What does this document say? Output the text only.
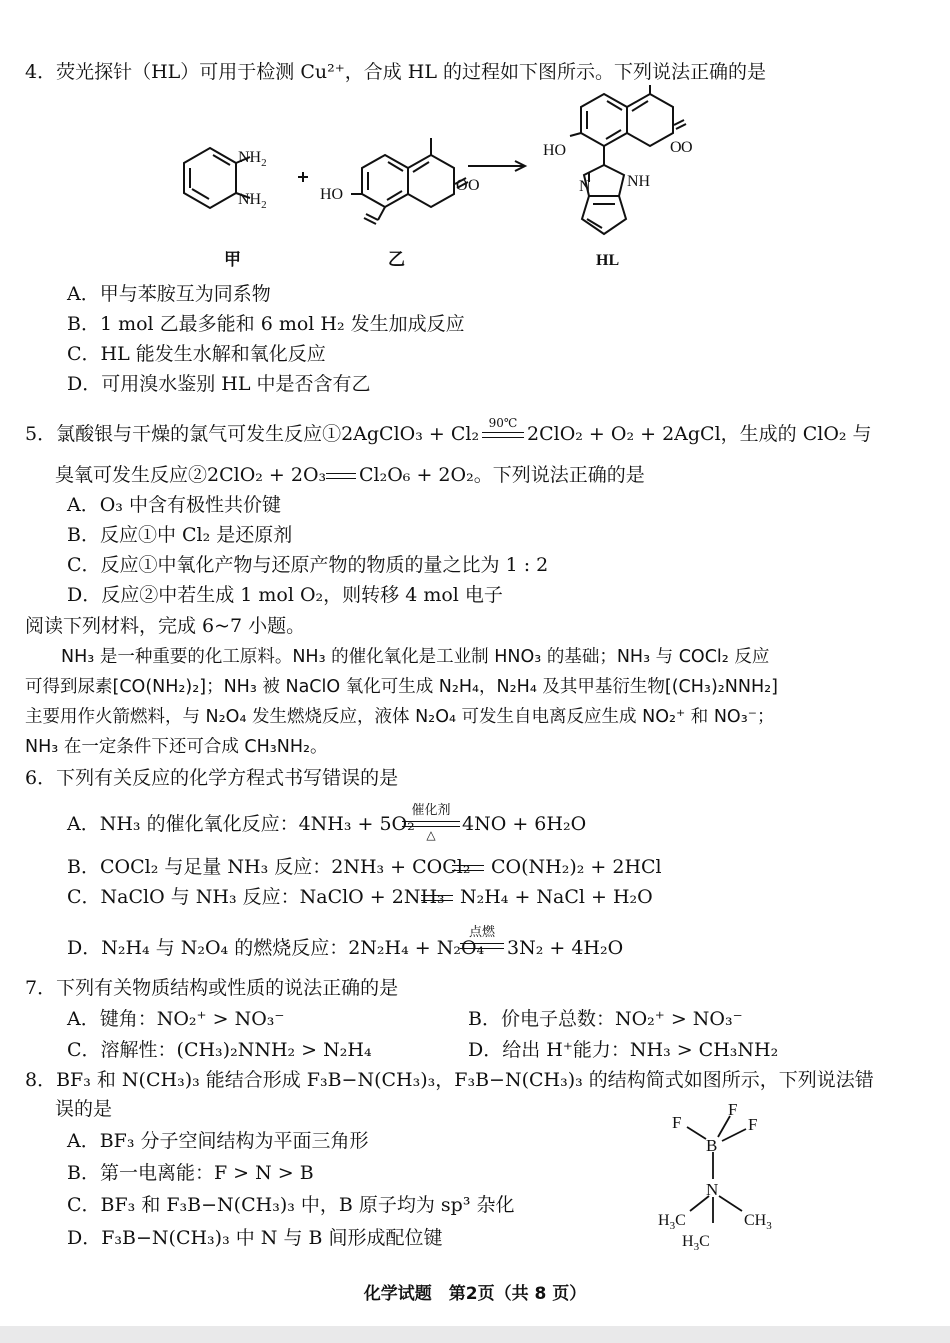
4．荧光探针（HL）可用于检测 Cu²⁺，合成 HL 的过程如下图所示。下列说法正确的是
$NH_2$
$NH_2$
HO
O O
HO	O O
N NH
甲	乙	HL
A．甲与苯胺互为同系物
B．1 mol 乙最多能和 6 mol H₂ 发生加成反应
C．HL 能发生水解和氧化反应
D．可用溴水鉴别 HL 中是否含有乙
5．氯酸银与干燥的氯气可发生反应①2AgClO₃ + Cl₂ 90℃ 2ClO₂ + O₂ + 2AgCl，生成的 ClO₂ 与
臭氧可发生反应②2ClO₂ + 2O₃ Cl₂O₆ + 2O₂。下列说法正确的是
A．O₃ 中含有极性共价键
B．反应①中 Cl₂ 是还原剂
C．反应①中氧化产物与还原产物的物质的量之比为 1 : 2
D．反应②中若生成 1 mol O₂，则转移 4 mol 电子
阅读下列材料，完成 6~7 小题。
NH₃ 是一种重要的化工原料。NH₃ 的催化氧化是工业制 HNO₃ 的基础；NH₃ 与 COCl₂ 反应
可得到尿素[CO(NH₂)₂]；NH₃ 被 NaClO 氧化可生成 N₂H₄，N₂H₄ 及其甲基衍生物[(CH₃)₂NNH₂]
主要用作火箭燃料，与 N₂O₄ 发生燃烧反应，液体 N₂O₄ 可发生自电离反应生成 NO₂⁺ 和 NO₃⁻；
NH₃ 在一定条件下还可合成 CH₃NH₂。
6．下列有关反应的化学方程式书写错误的是
A．NH₃ 的催化氧化反应：4NH₃ + 5O₂
催化剂
△	4NO + 6H₂O
B．COCl₂ 与足量 NH₃ 反应：2NH₃ + COCl₂ CO(NH₂)₂ + 2HCl
C．NaClO 与 NH₃ 反应：NaClO + 2NH₃ N₂H₄ + NaCl + H₂O
D．N₂H₄ 与 N₂O₄ 的燃烧反应：2N₂H₄ + N₂O₄
点燃
3N₂ + 4H₂O
7．下列有关物质结构或性质的说法正确的是
A．键角：NO₂⁺ > NO₃⁻	B．价电子总数：NO₂⁺ > NO₃⁻
C．溶解性：(CH₃)₂NNH₂ > N₂H₄	D．给出 H⁺能力：NH₃ > CH₃NH₂
8．BF₃ 和 N(CH₃)₃ 能结合形成 F₃B−N(CH₃)₃，F₃B−N(CH₃)₃ 的结构简式如图所示，下列说法错
误的是
A．BF₃ 分子空间结构为平面三角形
B．第一电离能：F > N > B
C．BF₃ 和 F₃B−N(CH₃)₃ 中，B 原子均为 sp³ 杂化
D．F₃B−N(CH₃)₃ 中 N 与 B 间形成配位键
F
F
F
B
N
$H_3C$	$CH_3$
$H_3C$
化学试题　第2页（共 8 页）
